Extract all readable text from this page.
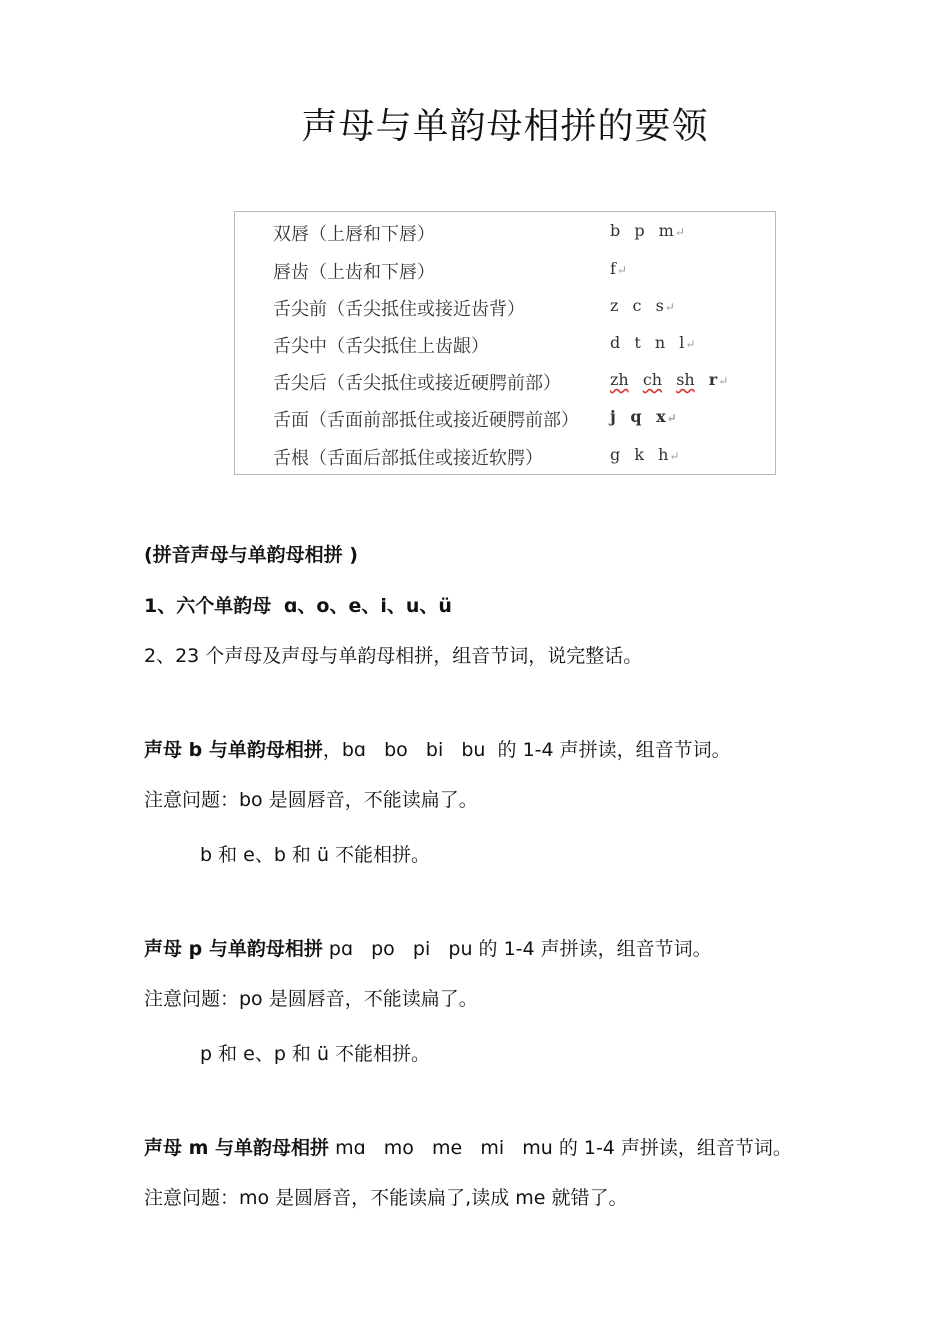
声母与单韵母相拼的要领
双唇（上唇和下唇）	b p m↵
唇齿（上齿和下唇）	f↵
舌尖前（舌尖抵住或接近齿背）	z c s↵
舌尖中（舌尖抵住上齿龈）	d t n l↵
舌尖后（舌尖抵住或接近硬腭前部）	zh ch sh r↵
舌面（舌面前部抵住或接近硬腭前部） j q x↵
舌根（舌面后部抵住或接近软腭）	g k h↵
(拼音声母与单韵母相拼 )
1、六个单韵母 ɑ、o、e、i、u、ü
2、23 个声母及声母与单韵母相拼，组音节词，说完整话。
声母 b 与单韵母相拼，bɑ   bo   bi   bu  的 1-4 声拼读，组音节词。
注意问题：bo 是圆唇音，不能读扁了。
b 和 e、b 和 ü 不能相拼。
声母 p 与单韵母相拼 pɑ   po   pi   pu 的 1-4 声拼读，组音节词。
注意问题：po 是圆唇音，不能读扁了。
p 和 e、p 和 ü 不能相拼。
声母 m 与单韵母相拼 mɑ   mo   me   mi   mu 的 1-4 声拼读，组音节词。
注意问题：mo 是圆唇音，不能读扁了,读成 me 就错了。
